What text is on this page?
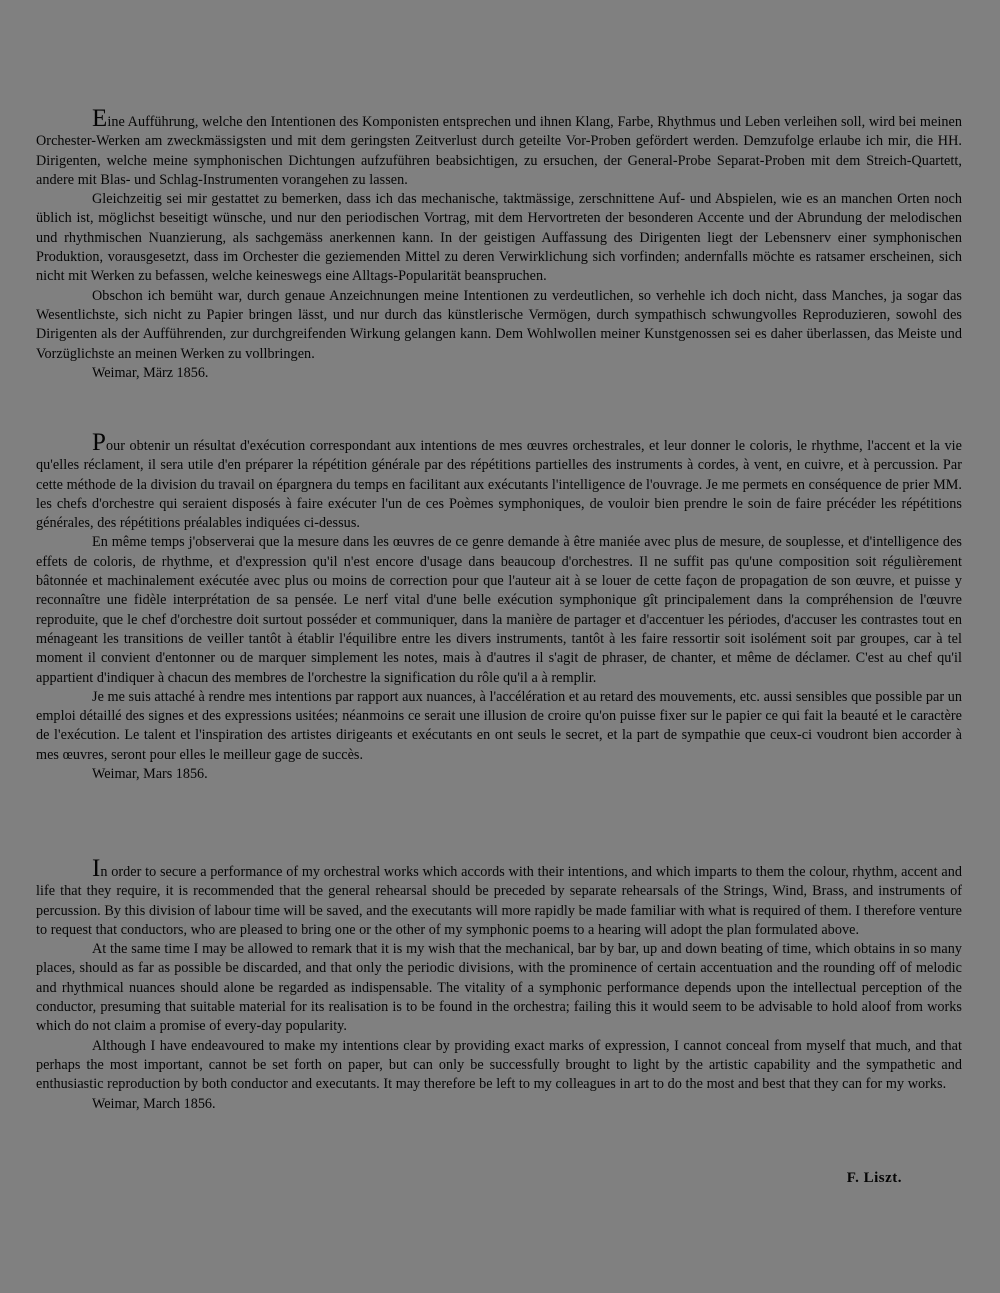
Eine Aufführung, welche den Intentionen des Komponisten entsprechen und ihnen Klang, Farbe, Rhythmus und Leben verleihen soll, wird bei meinen Orchester-Werken am zweckmässigsten und mit dem geringsten Zeitverlust durch geteilte Vor-Proben gefördert werden. Demzufolge erlaube ich mir, die HH. Dirigenten, welche meine symphonischen Dichtungen aufzuführen beabsichtigen, zu ersuchen, der General-Probe Separat-Proben mit dem Streich-Quartett, andere mit Blas- und Schlag-Instrumenten vorangehen zu lassen.

Gleichzeitig sei mir gestattet zu bemerken, dass ich das mechanische, taktmässige, zerschnittene Auf- und Abspielen, wie es an manchen Orten noch üblich ist, möglichst beseitigt wünsche, und nur den periodischen Vortrag, mit dem Hervortreten der besonderen Accente und der Abrundung der melodischen und rhythmischen Nuanzierung, als sachgemäss anerkennen kann. In der geistigen Auffassung des Dirigenten liegt der Lebensnerv einer symphonischen Produktion, vorausgesetzt, dass im Orchester die geziemenden Mittel zu deren Verwirklichung sich vorfinden; andernfalls möchte es ratsamer erscheinen, sich nicht mit Werken zu befassen, welche keineswegs eine Alltags-Popularität beanspruchen.

Obschon ich bemüht war, durch genaue Anzeichnungen meine Intentionen zu verdeutlichen, so verhehle ich doch nicht, dass Manches, ja sogar das Wesentlichste, sich nicht zu Papier bringen lässt, und nur durch das künstlerische Vermögen, durch sympathisch schwungvolles Reproduzieren, sowohl des Dirigenten als der Aufführenden, zur durchgreifenden Wirkung gelangen kann. Dem Wohlwollen meiner Kunstgenossen sei es daher überlassen, das Meiste und Vorzüglichste an meinen Werken zu vollbringen.

Weimar, März 1856.

Pour obtenir un résultat d'exécution correspondant aux intentions de mes œuvres orchestrales, et leur donner le coloris, le rhythme, l'accent et la vie qu'elles réclament, il sera utile d'en préparer la répétition générale par des répétitions partielles des instruments à cordes, à vent, en cuivre, et à percussion. Par cette méthode de la division du travail on épargnera du temps en facilitant aux exécutants l'intelligence de l'ouvrage. Je me permets en conséquence de prier MM. les chefs d'orchestre qui seraient disposés à faire exécuter l'un de ces Poèmes symphoniques, de vouloir bien prendre le soin de faire précéder les répétitions générales, des répétitions préalables indiquées ci-dessus.

En même temps j'observerai que la mesure dans les œuvres de ce genre demande à être maniée avec plus de mesure, de souplesse, et d'intelligence des effets de coloris, de rhythme, et d'expression qu'il n'est encore d'usage dans beaucoup d'orchestres. Il ne suffit pas qu'une composition soit régulièrement bâtonnée et machinalement exécutée avec plus ou moins de correction pour que l'auteur ait à se louer de cette façon de propagation de son œuvre, et puisse y reconnaître une fidèle interprétation de sa pensée. Le nerf vital d'une belle exécution symphonique gît principalement dans la compréhension de l'œuvre reproduite, que le chef d'orchestre doit surtout posséder et communiquer, dans la manière de partager et d'accentuer les périodes, d'accuser les contrastes tout en ménageant les transitions de veiller tantôt à établir l'équilibre entre les divers instruments, tantôt à les faire ressortir soit isolément soit par groupes, car à tel moment il convient d'entonner ou de marquer simplement les notes, mais à d'autres il s'agit de phraser, de chanter, et même de déclamer. C'est au chef qu'il appartient d'indiquer à chacun des membres de l'orchestre la signification du rôle qu'il a à remplir.

Je me suis attaché à rendre mes intentions par rapport aux nuances, à l'accélération et au retard des mouvements, etc. aussi sensibles que possible par un emploi détaillé des signes et des expressions usitées; néanmoins ce serait une illusion de croire qu'on puisse fixer sur le papier ce qui fait la beauté et le caractère de l'exécution. Le talent et l'inspiration des artistes dirigeants et exécutants en ont seuls le secret, et la part de sympathie que ceux-ci voudront bien accorder à mes œuvres, seront pour elles le meilleur gage de succès.

Weimar, Mars 1856.

In order to secure a performance of my orchestral works which accords with their intentions, and which imparts to them the colour, rhythm, accent and life that they require, it is recommended that the general rehearsal should be preceded by separate rehearsals of the Strings, Wind, Brass, and instruments of percussion. By this division of labour time will be saved, and the executants will more rapidly be made familiar with what is required of them. I therefore venture to request that conductors, who are pleased to bring one or the other of my symphonic poems to a hearing will adopt the plan formulated above.

At the same time I may be allowed to remark that it is my wish that the mechanical, bar by bar, up and down beating of time, which obtains in so many places, should as far as possible be discarded, and that only the periodic divisions, with the prominence of certain accentuation and the rounding off of melodic and rhythmical nuances should alone be regarded as indispensable. The vitality of a symphonic performance depends upon the intellectual perception of the conductor, presuming that suitable material for its realisation is to be found in the orchestra; failing this it would seem to be advisable to hold aloof from works which do not claim a promise of every-day popularity.

Although I have endeavoured to make my intentions clear by providing exact marks of expression, I cannot conceal from myself that much, and that perhaps the most important, cannot be set forth on paper, but can only be successfully brought to light by the artistic capability and the sympathetic and enthusiastic reproduction by both conductor and executants. It may therefore be left to my colleagues in art to do the most and best that they can for my works.

Weimar, March 1856.
F. Liszt.
